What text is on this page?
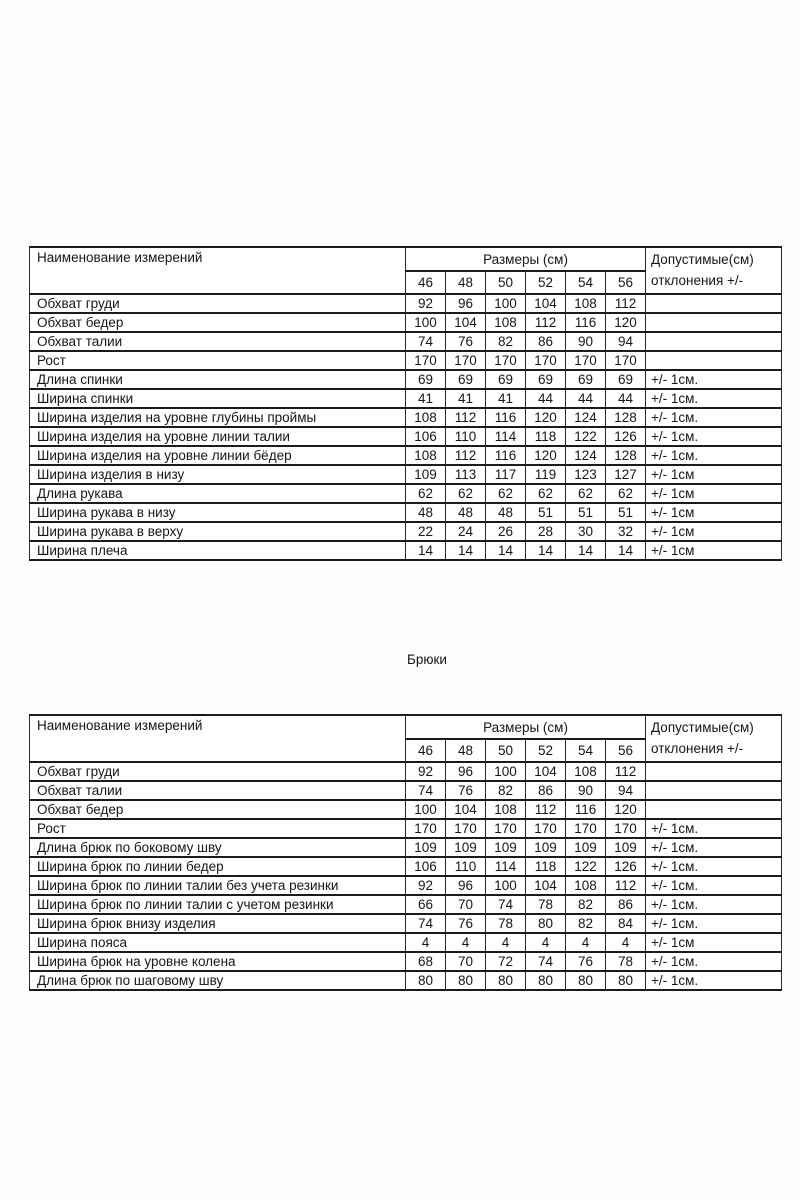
Наименование измерений	Размеры (см)						Допустимые(см)
отклонения +/-

	46	48	50	52	54	56	
Обхват груди	92	96	100	104	108	112	
Обхват бедер	100	104	108	112	116	120	
Обхват талии	74	76	82	86	90	94	
Рост	170	170	170	170	170	170	
Длина спинки	69	69	69	69	69	69	+/- 1см.
Ширина спинки	41	41	41	44	44	44	+/- 1см.
Ширина изделия на уровне глубины проймы	108	112	116	120	124	128	+/- 1см.
Ширина изделия на уровне линии талии	106	110	114	118	122	126	+/- 1см.
Ширина изделия на уровне линии бёдер	108	112	116	120	124	128	+/- 1см.
Ширина изделия в низу	109	113	117	119	123	127	+/- 1см
Длина рукава	62	62	62	62	62	62	+/- 1см
Ширина рукава в низу	48	48	48	51	51	51	+/- 1см
Ширина рукава в верху	22	24	26	28	30	32	+/- 1см
Ширина плеча	14	14	14	14	14	14	+/- 1см
Брюки
Наименование измерений	Размеры (см)						Допустимые(см)
отклонения +/-

	46	48	50	52	54	56	
Обхват груди	92	96	100	104	108	112	
Обхват талии	74	76	82	86	90	94	
Обхват бедер	100	104	108	112	116	120	
Рост	170	170	170	170	170	170	+/- 1см.
Длина брюк по боковому шву	109	109	109	109	109	109	+/- 1см.
Ширина брюк по линии бедер	106	110	114	118	122	126	+/- 1см.
Ширина брюк по линии талии без учета резинки	92	96	100	104	108	112	+/- 1см.
Ширина брюк по линии талии с учетом резинки	66	70	74	78	82	86	+/- 1см.
Ширина брюк внизу изделия	74	76	78	80	82	84	+/- 1см.
Ширина пояса	4	4	4	4	4	4	+/- 1см
Ширина брюк на уровне колена	68	70	72	74	76	78	+/- 1см.
Длина брюк по шаговому шву	80	80	80	80	80	80	+/- 1см.
